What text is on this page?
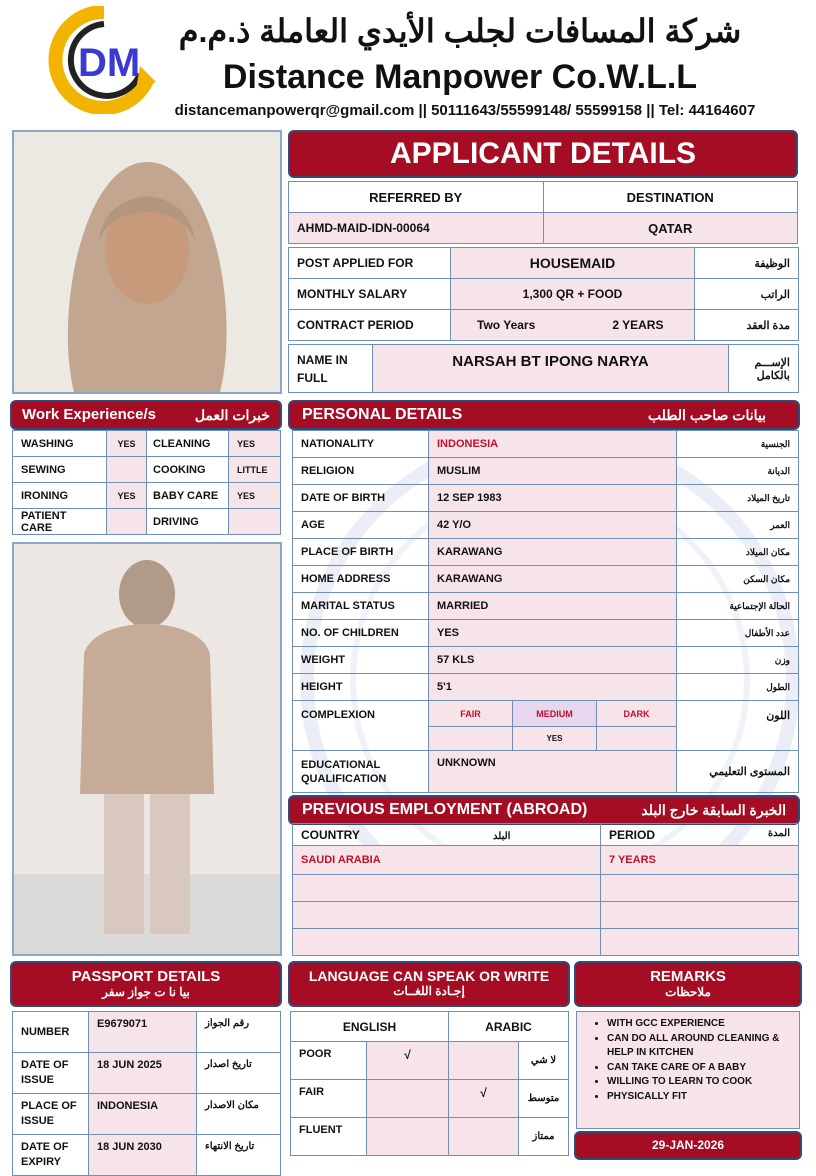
DM
شركة المسافات لجلب الأيدي العاملة ذ.م.م
Distance Manpower Co.W.L.L
distancemanpowerqr@gmail.com || 50111643/55599148/ 55599158 || Tel: 44164607
APPLICANT DETAILS
REFERRED BY	DESTINATION
AHMD-MAID-IDN-00064	QATAR
POST APPLIED FOR	HOUSEMAID	الوظيفة
MONTHLY SALARY	1,300 QR + FOOD	الراتب
CONTRACT PERIOD	Two Years 2 YEARS	مدة العقد
NAME IN
FULL
	NARSAH BT IPONG NARYA	الإســـم
بالكامل
Work Experience/s	خبرات العمل
WASHING	YES	CLEANING	YES
SEWING		COOKING	LITTLE
IRONING	YES	BABY CARE	YES
PATIENT CARE		DRIVING	
PERSONAL DETAILS	بيانات صاحب الطلب
NATIONALITY	INDONESIA			الجنسية
RELIGION	MUSLIM			الديانة
DATE OF BIRTH	12 SEP 1983			تاريخ الميلاد
AGE	42 Y/O			العمر
PLACE OF BIRTH	KARAWANG			مكان الميلاد
HOME ADDRESS	KARAWANG			مكان السكن
MARITAL STATUS	MARRIED			الحالة الإجتماعية
NO. OF CHILDREN	YES			عدد الأطفال
WEIGHT	57 KLS			وزن
HEIGHT	5'1			الطول
COMPLEXION	FAIR	MEDIUM	DARK	اللون
		YES		

EDUCATIONAL
QUALIFICATION	UNKNOWN			المستوى التعليمي
PREVIOUS EMPLOYMENT (ABROAD)	الخبرة السابقة خارج البلد
COUNTRY البلد	PERIOD المدة

SAUDI ARABIA	7 YEARS

PASSPORT DETAILS
بيا نا ت جواز سفر
NUMBER	E9679071	رقم الجواز

DATE OF
ISSUE	18 JUN 2025	تاريخ اصدار

PLACE OF
ISSUE	INDONESIA	مكان الاصدار

DATE OF
EXPIRY	18 JUN 2030	تاريخ الانتهاء
LANGUAGE CAN SPEAK OR WRITE
إجـادة اللغــات
ENGLISH		ARABIC	
POOR	√		لا شي
FAIR		√	متوسط
FLUENT			ممتاز
REMARKS
ملاحظات
• WITH GCC EXPERIENCE
• CAN DO ALL AROUND CLEANING & HELP IN KITCHEN
• CAN TAKE CARE OF A BABY
• WILLING TO LEARN TO COOK
• PHYSICALLY FIT
29-JAN-2026
